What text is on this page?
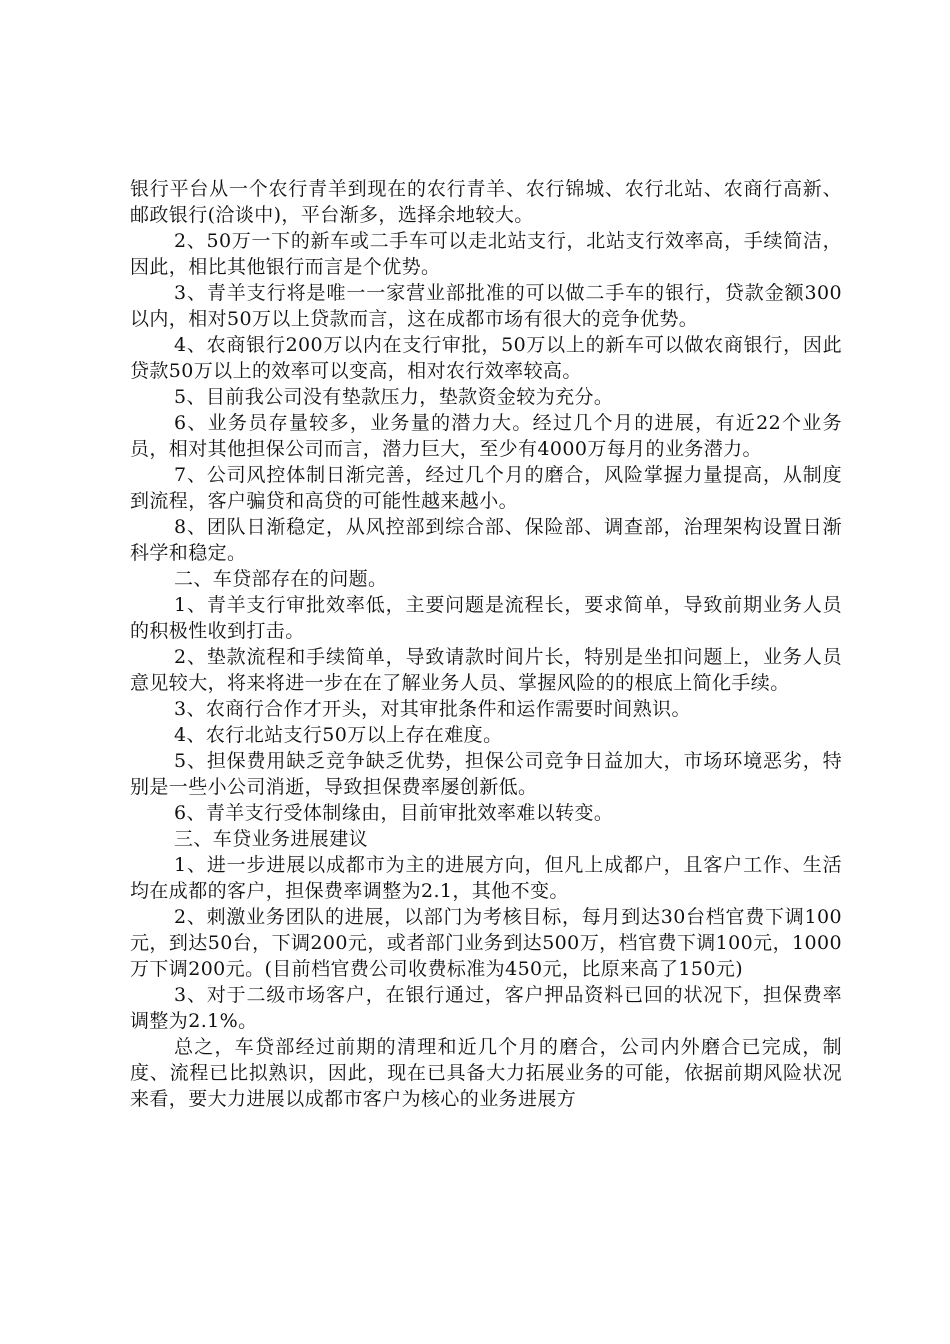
银行平台从一个农行青羊到现在的农行青羊、农行锦城、农行北站、农商行高新、邮政银行(洽谈中)，平台渐多，选择余地较大。

2、50万一下的新车或二手车可以走北站支行，北站支行效率高，手续简洁，因此，相比其他银行而言是个优势。

3、青羊支行将是唯一一家营业部批准的可以做二手车的银行，贷款金额300以内，相对50万以上贷款而言，这在成都市场有很大的竞争优势。

4、农商银行200万以内在支行审批，50万以上的新车可以做农商银行，因此贷款50万以上的效率可以变高，相对农行效率较高。

5、目前我公司没有垫款压力，垫款资金较为充分。

6、业务员存量较多，业务量的潜力大。经过几个月的进展，有近22个业务员，相对其他担保公司而言，潜力巨大，至少有4000万每月的业务潜力。

7、公司风控体制日渐完善，经过几个月的磨合，风险掌握力量提高，从制度到流程，客户骗贷和高贷的可能性越来越小。

8、团队日渐稳定，从风控部到综合部、保险部、调查部，治理架构设置日渐科学和稳定。

二、车贷部存在的问题。

1、青羊支行审批效率低，主要问题是流程长，要求简单，导致前期业务人员的积极性收到打击。

2、垫款流程和手续简单，导致请款时间片长，特别是坐扣问题上，业务人员意见较大，将来将进一步在在了解业务人员、掌握风险的的根底上简化手续。

3、农商行合作才开头，对其审批条件和运作需要时间熟识。

4、农行北站支行50万以上存在难度。

5、担保费用缺乏竞争缺乏优势，担保公司竞争日益加大，市场环境恶劣，特别是一些小公司消逝，导致担保费率屡创新低。

6、青羊支行受体制缘由，目前审批效率难以转变。

三、车贷业务进展建议

1、进一步进展以成都市为主的进展方向，但凡上成都户，且客户工作、生活均在成都的客户，担保费率调整为2.1，其他不变。

2、刺激业务团队的进展，以部门为考核目标，每月到达30台档官费下调100元，到达50台，下调200元，或者部门业务到达500万，档官费下调100元，1000万下调200元。(目前档官费公司收费标准为450元，比原来高了150元)

3、对于二级市场客户，在银行通过，客户押品资料已回的状况下，担保费率调整为2.1%。

总之，车贷部经过前期的清理和近几个月的磨合，公司内外磨合已完成，制度、流程已比拟熟识，因此，现在已具备大力拓展业务的可能，依据前期风险状况来看，要大力进展以成都市客户为核心的业务进展方
